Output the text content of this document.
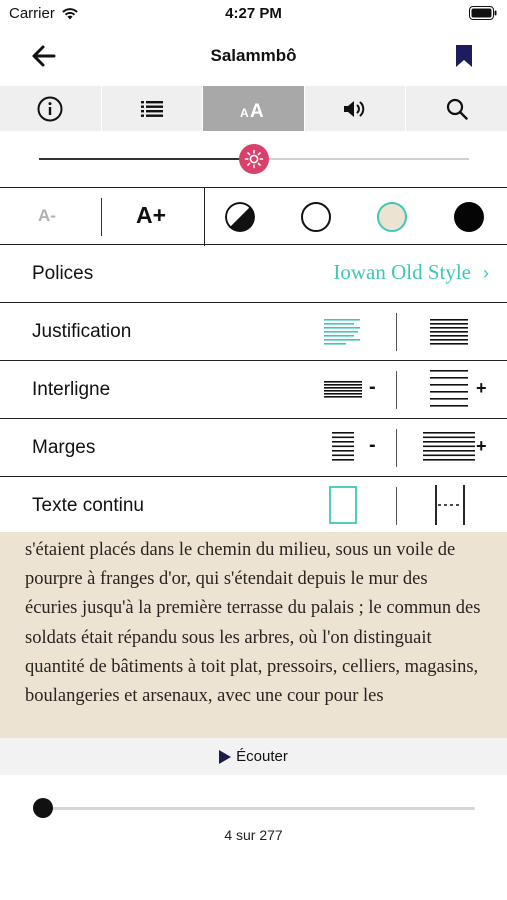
Carrier	4:27 PM
Salammbô
A A
A-	A+
Polices	Iowan Old Style ›
Justification
Interligne	-	+
Marges	-	+
Texte continu

s'étaient placés dans le chemin du milieu, sous un voile de pourpre à franges d'or, qui s'étendait depuis le mur des écuries jusqu'à la première terrasse du palais ; le commun des soldats était répandu sous les arbres, où l'on distinguait quantité de bâtiments à toit plat, pressoirs, celliers, magasins, boulangeries et arsenaux, avec une cour pour les

Écouter
4 sur 277
